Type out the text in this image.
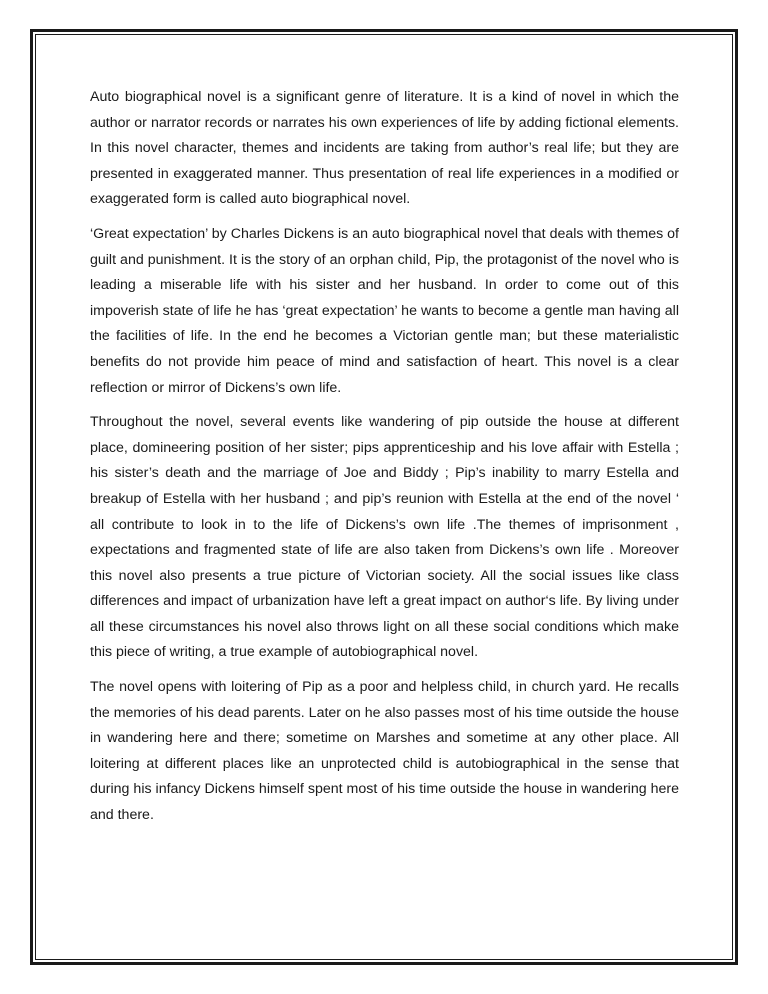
Auto biographical novel is a significant genre of literature. It is a kind of novel in which the author or narrator records or narrates his own experiences of life by adding fictional elements. In this novel character, themes and incidents are taking from author’s real life; but they are presented in exaggerated manner. Thus presentation of real life experiences in a modified or exaggerated form is called auto biographical novel.

‘Great expectation’ by Charles Dickens is an auto biographical novel that deals with themes of guilt and punishment. It is the story of an orphan child, Pip, the protagonist of the novel who is leading a miserable life with his sister and her husband. In order to come out of this impoverish state of life he has ‘great expectation’ he wants to become a gentle man having all the facilities of life. In the end he becomes a Victorian gentle man; but these materialistic benefits do not provide him peace of mind and satisfaction of heart. This novel is a clear reflection or mirror of Dickens’s own life.

Throughout the novel, several events like wandering of pip outside the house at different place, domineering position of her sister; pips apprenticeship and his love affair with Estella ; his sister’s death and the marriage of Joe and Biddy ; Pip’s inability to marry Estella and breakup of Estella with her husband ; and pip’s reunion with Estella at the end of the novel ‘ all contribute to look in to the life of Dickens’s own life .The themes of imprisonment , expectations and fragmented state of life are also taken from Dickens’s own life . Moreover this novel also presents a true picture of Victorian society. All the social issues like class differences and impact of urbanization have left a great impact on author‘s life. By living under all these circumstances his novel also throws light on all these social conditions which make this piece of writing, a true example of autobiographical novel.

The novel opens with loitering of Pip as a poor and helpless child, in church yard. He recalls the memories of his dead parents. Later on he also passes most of his time outside the house in wandering here and there; sometime on Marshes and sometime at any other place. All loitering at different places like an unprotected child is autobiographical in the sense that during his infancy Dickens himself spent most of his time outside the house in wandering here and there.
